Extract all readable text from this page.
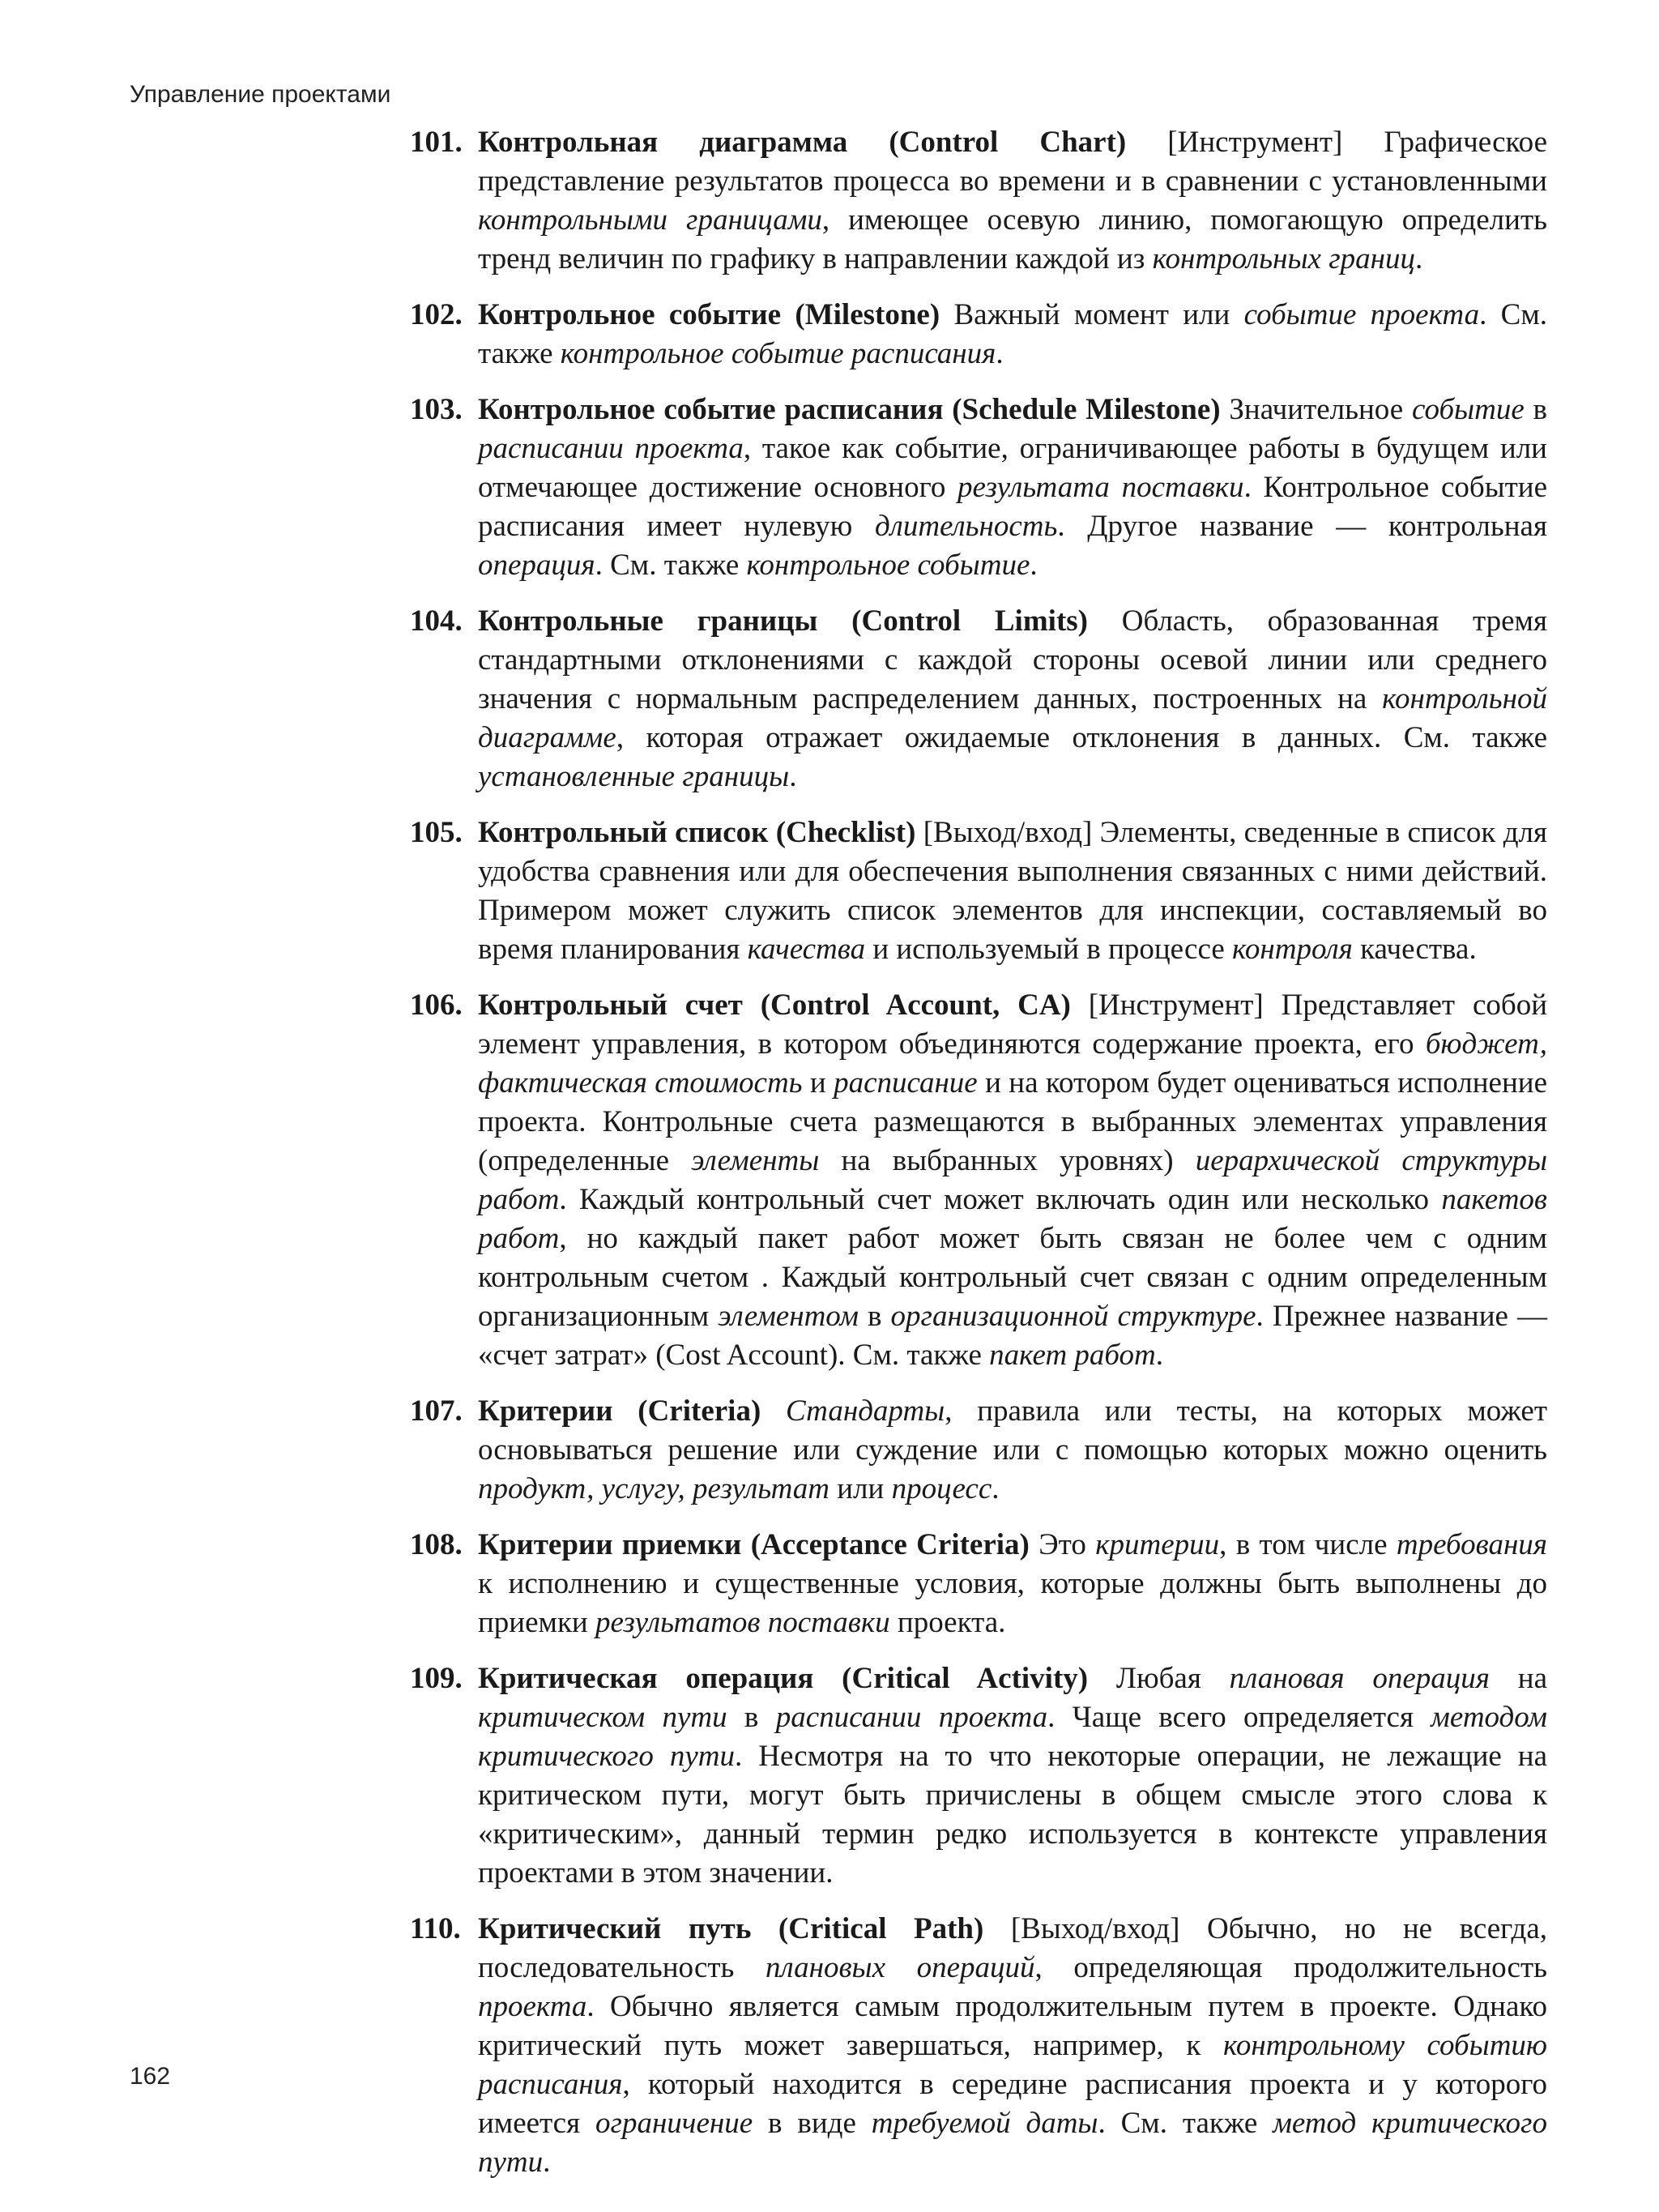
Управление проектами
101. Контрольная диаграмма (Control Chart) [Инструмент] Графическое представление результатов процесса во времени и в сравнении с установленными контрольными границами, имеющее осевую линию, помогающую определить тренд величин по графику в направлении каждой из контрольных границ.
102. Контрольное событие (Milestone) Важный момент или событие проекта. См. также контрольное событие расписания.
103. Контрольное событие расписания (Schedule Milestone) Значительное событие в расписании проекта, такое как событие, ограничивающее работы в будущем или отмечающее достижение основного результата поставки. Контрольное событие расписания имеет нулевую длительность. Другое название — контрольная операция. См. также контрольное событие.
104. Контрольные границы (Control Limits) Область, образованная тремя стандартными отклонениями с каждой стороны осевой линии или среднего значения с нормальным распределением данных, построенных на контрольной диаграмме, которая отражает ожидаемые отклонения в данных. См. также установленные границы.
105. Контрольный список (Checklist) [Выход/вход] Элементы, сведенные в список для удобства сравнения или для обеспечения выполнения связанных с ними действий. Примером может служить список элементов для инспекции, составляемый во время планирования качества и используемый в процессе контроля качества.
106. Контрольный счет (Control Account, CA) [Инструмент] Представляет собой элемент управления, в котором объединяются содержание проекта, его бюджет, фактическая стоимость и расписание и на котором будет оцениваться исполнение проекта. Контрольные счета размещаются в выбранных элементах управления (определенные элементы на выбранных уровнях) иерархической структуры работ. Каждый контрольный счет может включать один или несколько пакетов работ, но каждый пакет работ может быть связан не более чем с одним контрольным счетом . Каждый контрольный счет связан с одним определенным организационным элементом в организационной структуре. Прежнее название — «счет затрат» (Cost Account). См. также пакет работ.
107. Критерии (Criteria) Стандарты, правила или тесты, на которых может основываться решение или суждение или с помощью которых можно оценить продукт, услугу, результат или процесс.
108. Критерии приемки (Acceptance Criteria) Это критерии, в том числе требования к исполнению и существенные условия, которые должны быть выполнены до приемки результатов поставки проекта.
109. Критическая операция (Critical Activity) Любая плановая операция на критическом пути в расписании проекта. Чаще всего определяется методом критического пути. Несмотря на то что некоторые операции, не лежащие на критическом пути, могут быть причислены в общем смысле этого слова к «критическим», данный термин редко используется в контексте управления проектами в этом значении.
110. Критический путь (Critical Path) [Выход/вход] Обычно, но не всегда, последовательность плановых операций, определяющая продолжительность проекта. Обычно является самым продолжительным путем в проекте. Однако критический путь может завершаться, например, к контрольному событию расписания, который находится в середине расписания проекта и у которого имеется ограничение в виде требуемой даты. См. также метод критического пути.
162
